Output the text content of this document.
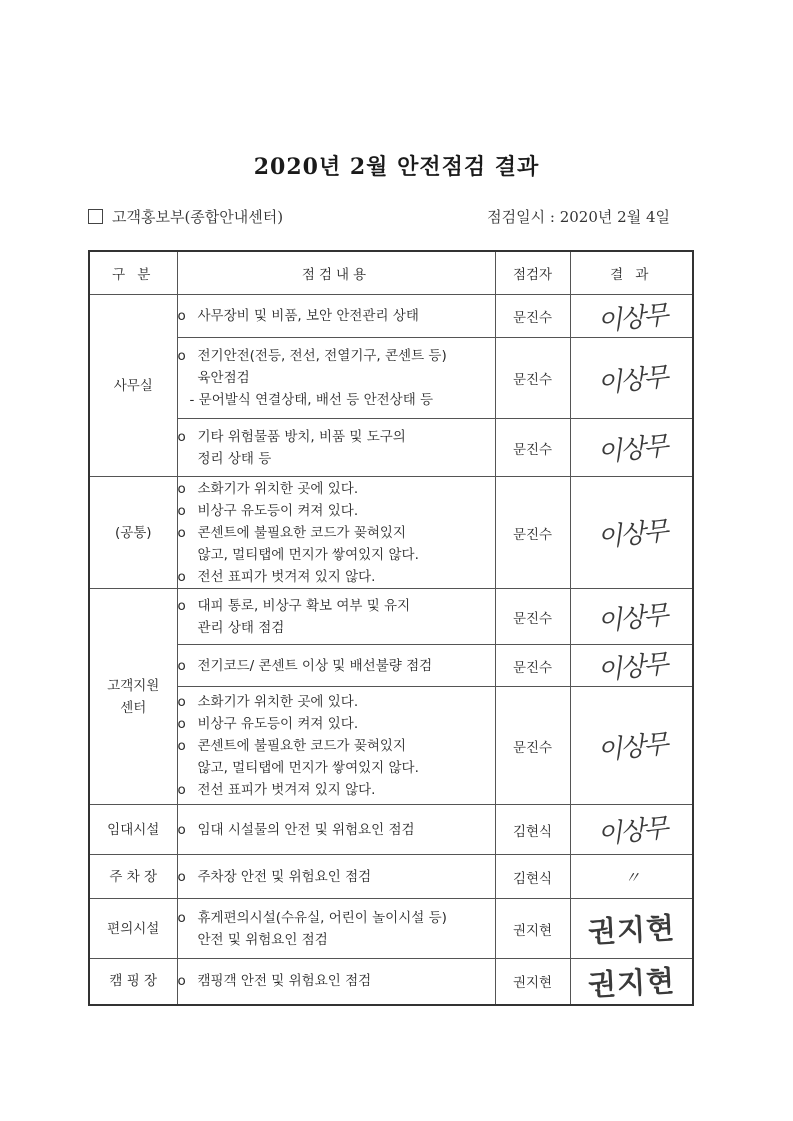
2020년 2월 안전점검 결과
고객홍보부(종합안내센터)	점검일시 : 2020년 2월 4일
구 분	점검내용	점검자	결 과
사무실	o 사무장비 및 비품, 보안 안전관리 상태	문진수	이상무

	o 전기안전(전등, 전선, 전열기구, 콘센트 등)
육안점검
- 문어발식 연결상태, 배선 등 안전상태 등	문진수	이상무

	o 기타 위험물품 방치, 비품 및 도구의
정리 상태 등	문진수	이상무
(공통)	o 소화기가 위치한 곳에 있다.
o 비상구 유도등이 켜져 있다.
o 콘센트에 불필요한 코드가 꽂혀있지
않고, 멀티탭에 먼지가 쌓여있지 않다.
o 전선 표피가 벗겨져 있지 않다.	문진수	이상무

고객지원
센터	o 대피 통로, 비상구 확보 여부 및 유지
관리 상태 점검	문진수	이상무

	o 전기코드/ 콘센트 이상 및 배선불량 점검	문진수	이상무

	o 소화기가 위치한 곳에 있다.
o 비상구 유도등이 켜져 있다.
o 콘센트에 불필요한 코드가 꽂혀있지
않고, 멀티탭에 먼지가 쌓여있지 않다.
o 전선 표피가 벗겨져 있지 않다.	문진수	이상무
임대시설	o 임대 시설물의 안전 및 위험요인 점검	김현식	이상무
주 차 장	o 주차장 안전 및 위험요인 점검	김현식	〃
편의시설	o 휴게편의시설(수유실, 어린이 놀이시설 등)
안전 및 위험요인 점검	권지현	권지현
캠 핑 장	o 캠핑객 안전 및 위험요인 점검	권지현	권지현
